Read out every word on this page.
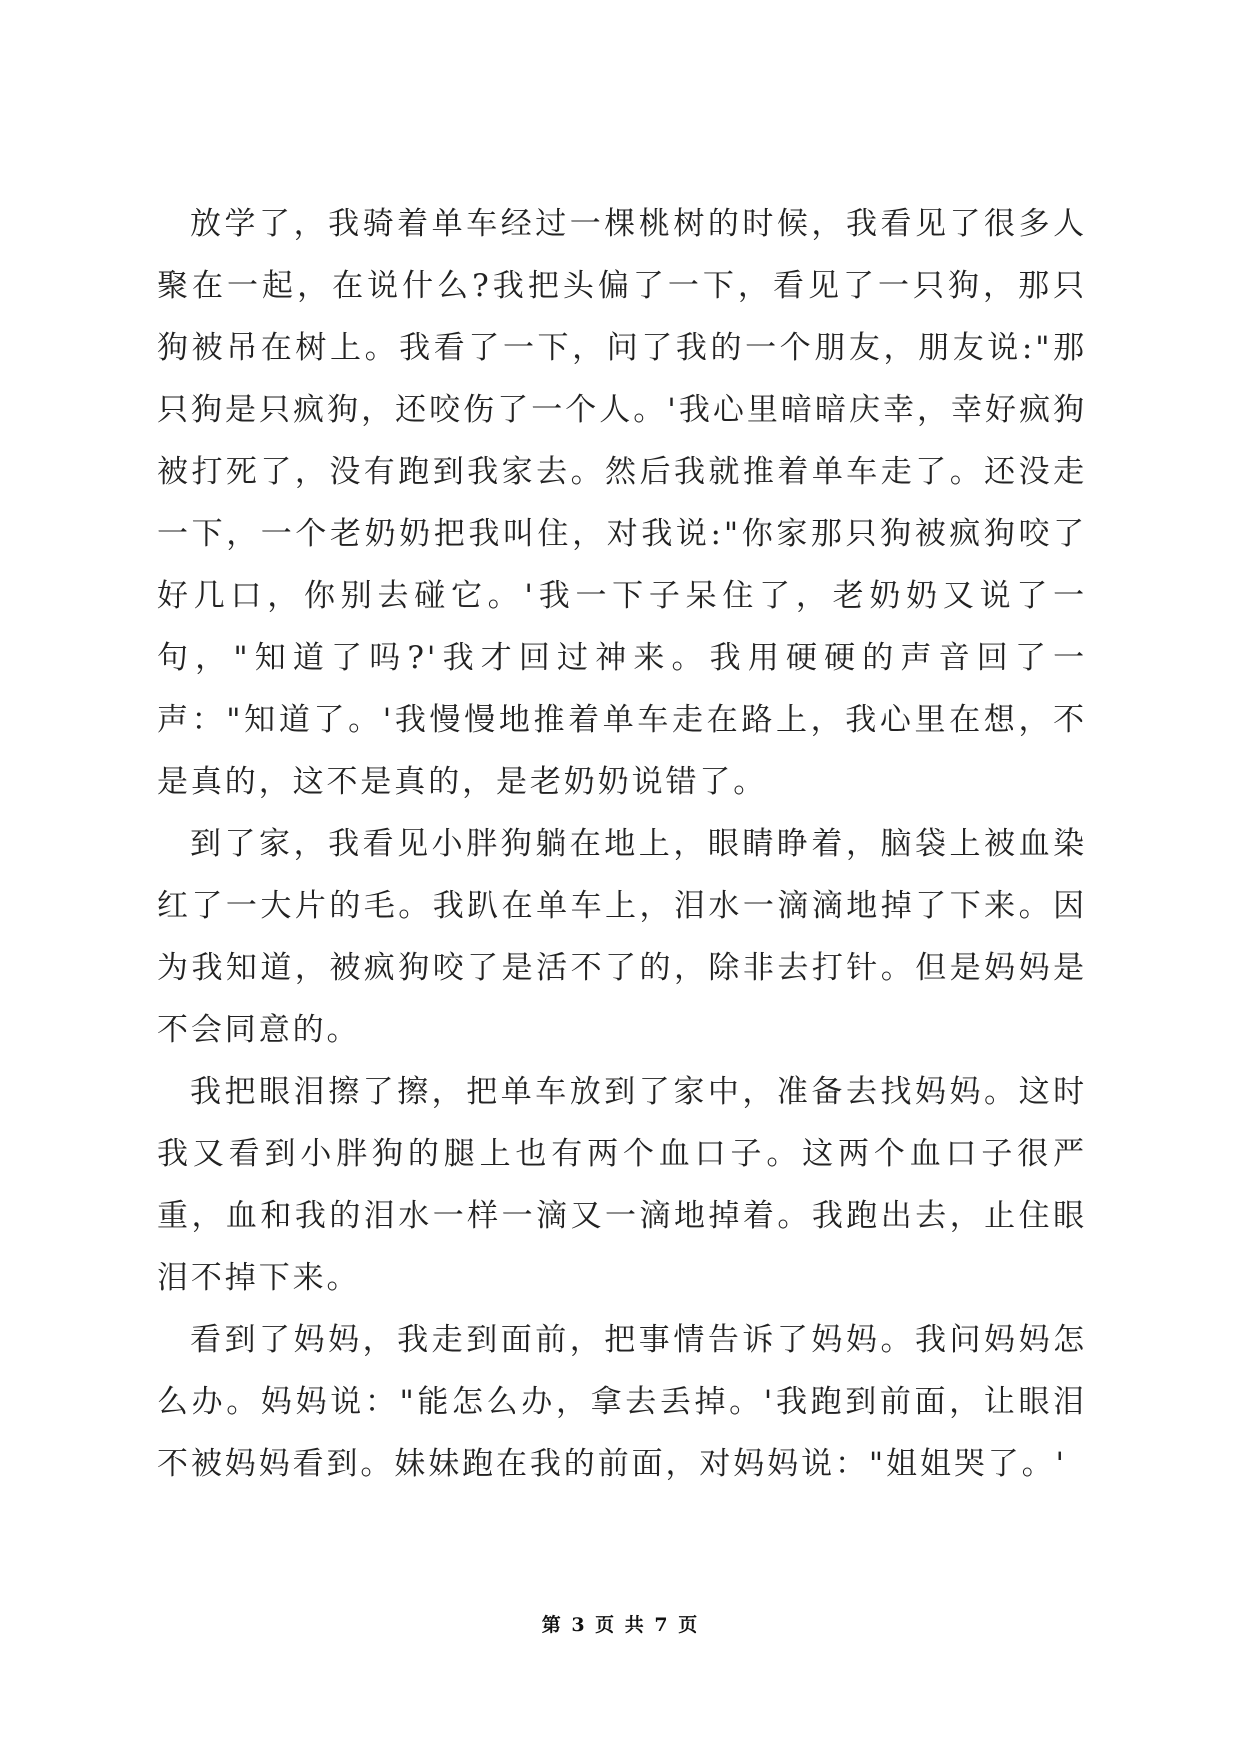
放学了，我骑着单车经过一棵桃树的时候，我看见了很多人聚在一起，在说什么?我把头偏了一下，看见了一只狗，那只狗被吊在树上。我看了一下，问了我的一个朋友，朋友说:"那只狗是只疯狗，还咬伤了一个人。'我心里暗暗庆幸，幸好疯狗被打死了，没有跑到我家去。然后我就推着单车走了。还没走一下，一个老奶奶把我叫住，对我说:"你家那只狗被疯狗咬了好几口，你别去碰它。'我一下子呆住了，老奶奶又说了一句，"知道了吗?'我才回过神来。我用硬硬的声音回了一声："知道了。'我慢慢地推着单车走在路上，我心里在想，不是真的，这不是真的，是老奶奶说错了。

到了家，我看见小胖狗躺在地上，眼睛睁着，脑袋上被血染红了一大片的毛。我趴在单车上，泪水一滴滴地掉了下来。因为我知道，被疯狗咬了是活不了的，除非去打针。但是妈妈是不会同意的。

我把眼泪擦了擦，把单车放到了家中，准备去找妈妈。这时我又看到小胖狗的腿上也有两个血口子。这两个血口子很严重，血和我的泪水一样一滴又一滴地掉着。我跑出去，止住眼泪不掉下来。

看到了妈妈，我走到面前，把事情告诉了妈妈。我问妈妈怎么办。妈妈说："能怎么办，拿去丢掉。'我跑到前面，让眼泪不被妈妈看到。妹妹跑在我的前面，对妈妈说："姐姐哭了。'

第 3 页 共 7 页
